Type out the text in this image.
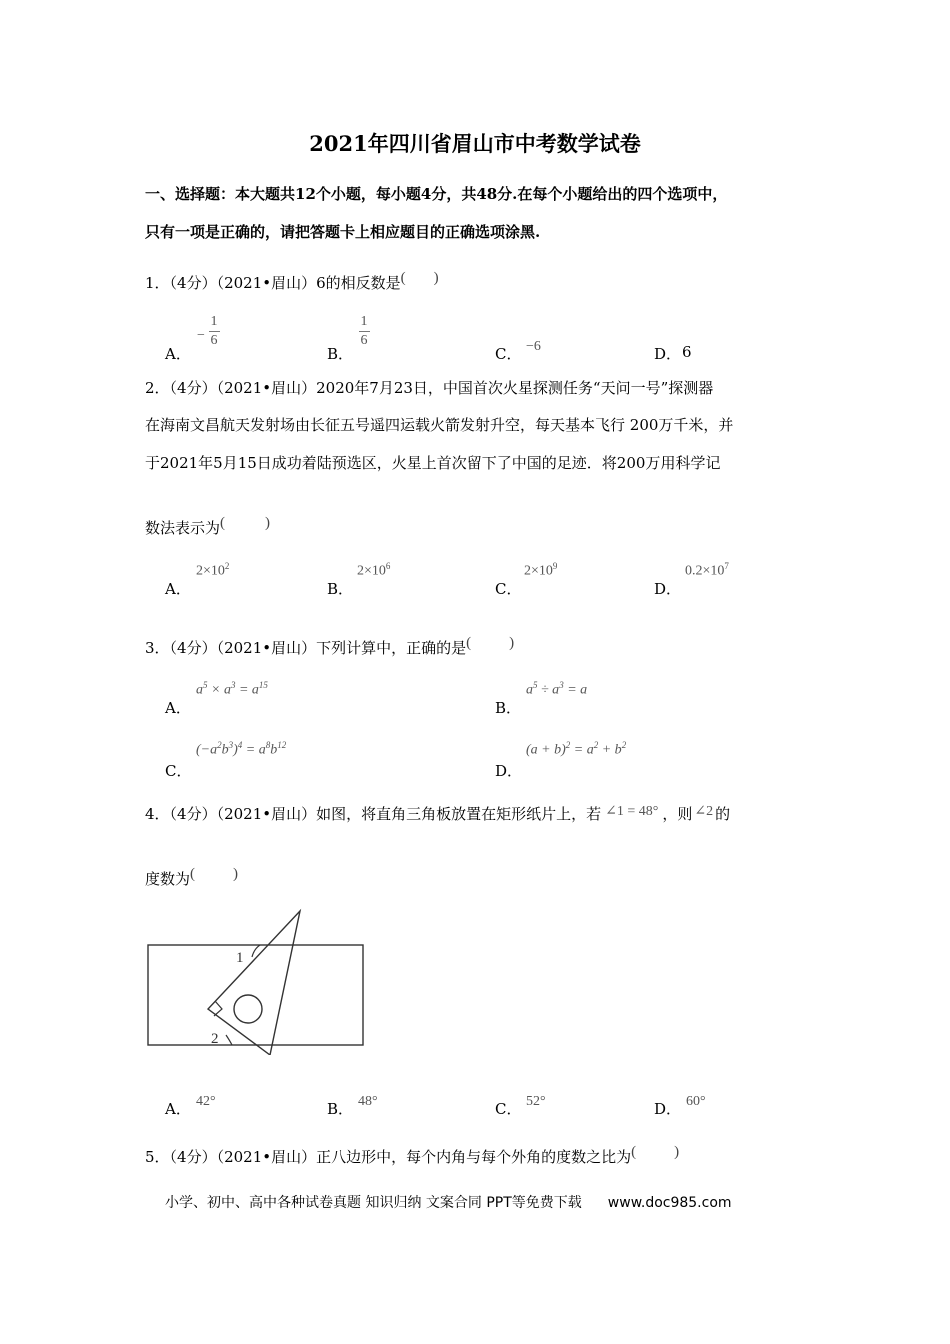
2021年四川省眉山市中考数学试卷
一、选择题：本大题共12个小题，每小题4分，共48分.在每个小题给出的四个选项中，
只有一项是正确的，请把答题卡上相应题目的正确选项涂黑.
1．（4分）（2021•眉山）6的相反数是( )
A．
−
1
6
B．
1
6
C． −6	D． 6
2．（4分）（2021•眉山）2020年7月23日，中国首次火星探测任务“天问一号”探测器
在海南文昌航天发射场由长征五号遥四运载火箭发射升空，每天基本飞行 200万千米，并
于2021年5月15日成功着陆预选区，火星上首次留下了中国的足迹．将200万用科学记
数法表示为(	)
A．
$2\times 10^2$
B．
$2\times 10^6$
C．
$2\times 10^9$
D．
$0.2\times 10^7$
3．（4分）（2021•眉山）下列计算中，正确的是(	)
A．
$a^5 \times a^3 = a^{15}$
B．
$a^5 \div a^3 = a$
C．
$(-a^2b^3)^4 = a^8b^{12}$
D．
$(a + b)^2 = a^2 + b^2$
4．（4分）（2021•眉山）如图，将直角三角板放置在矩形纸片上，若 ∠1 = 48° ，则 ∠2 的
度数为(	)
1
2
A． 42°	B． 48°	C． 52°	D． 60°
5．（4分）（2021•眉山）正八边形中，每个内角与每个外角的度数之比为(	)
小学、初中、高中各种试卷真题 知识归纳 文案合同 PPT等免费下载 www.doc985.com
